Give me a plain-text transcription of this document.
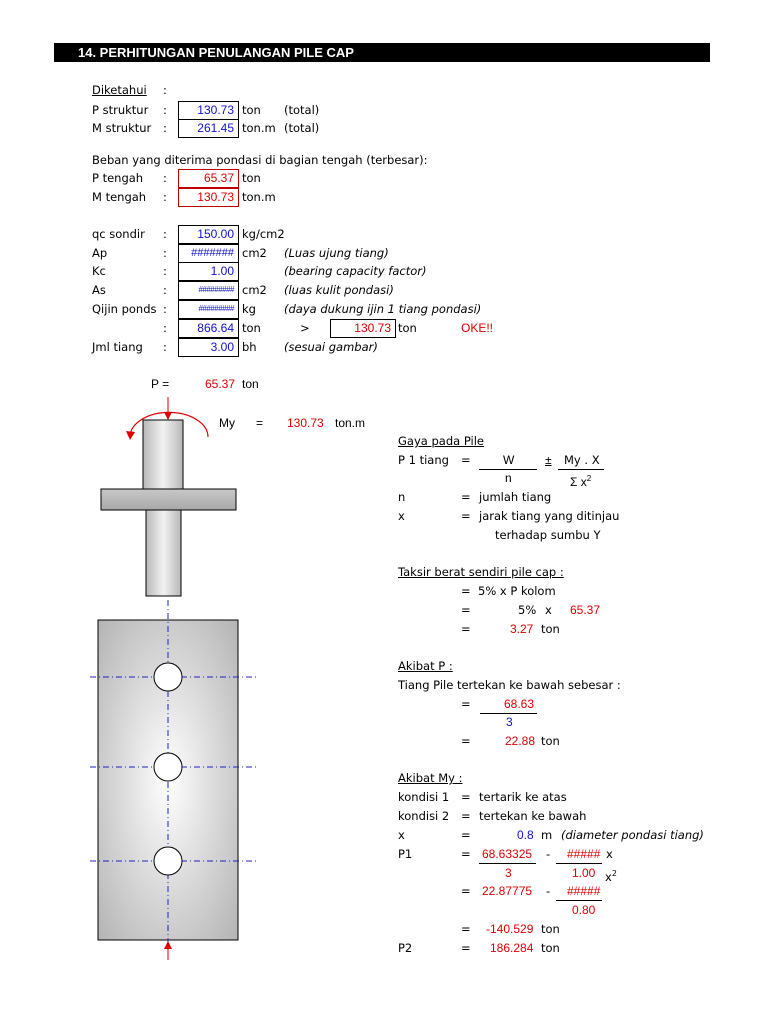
14. PERHITUNGAN PENULANGAN PILE CAP
Diketahui :
P struktur :	130.73 ton (total)
M struktur :	261.45 ton.m (total)
Beban yang diterima pondasi di bagian tengah (terbesar):
P tengah :	65.37 ton
M tengah :	130.73 ton.m
qc sondir :	150.00 kg/cm2
Ap	:	####### cm2 (Luas ujung tiang)
Kc	:	1.00	(bearing capacity factor)
As	:	######### cm2 (luas kulit pondasi)
Qijin ponds :	######### kg (daya dukung ijin 1 tiang pondasi)
:	866.64 ton	>	130.73 ton	OKE!!
Jml tiang :	3.00 bh (sesuai gambar)
P =	65.37 ton
My = 130.73 ton.m
Gaya pada Pile
P 1 tiang =	W
n
± My . X
Σ $x^2$
n	= jumlah tiang
x	= jarak tiang yang ditinjau
terhadap sumbu Y
Taksir berat sendiri pile cap :
= 5% x P kolom
=	5% x 65.37
=	3.27 ton
Akibat P :
Tiang Pile tertekan ke bawah sebesar :
=	68.63
3
=	22.88 ton
Akibat My :
kondisi 1 = tertarik ke atas
kondisi 2 = tertekan ke bawah
x	=	0.8 m (diameter pondasi tiang)
P1	= 68.63325 - ##### x
3	1.00 $x^2$
= 22.87775 - #####
0.80
= -140.529 ton
P2	= 186.284 ton
